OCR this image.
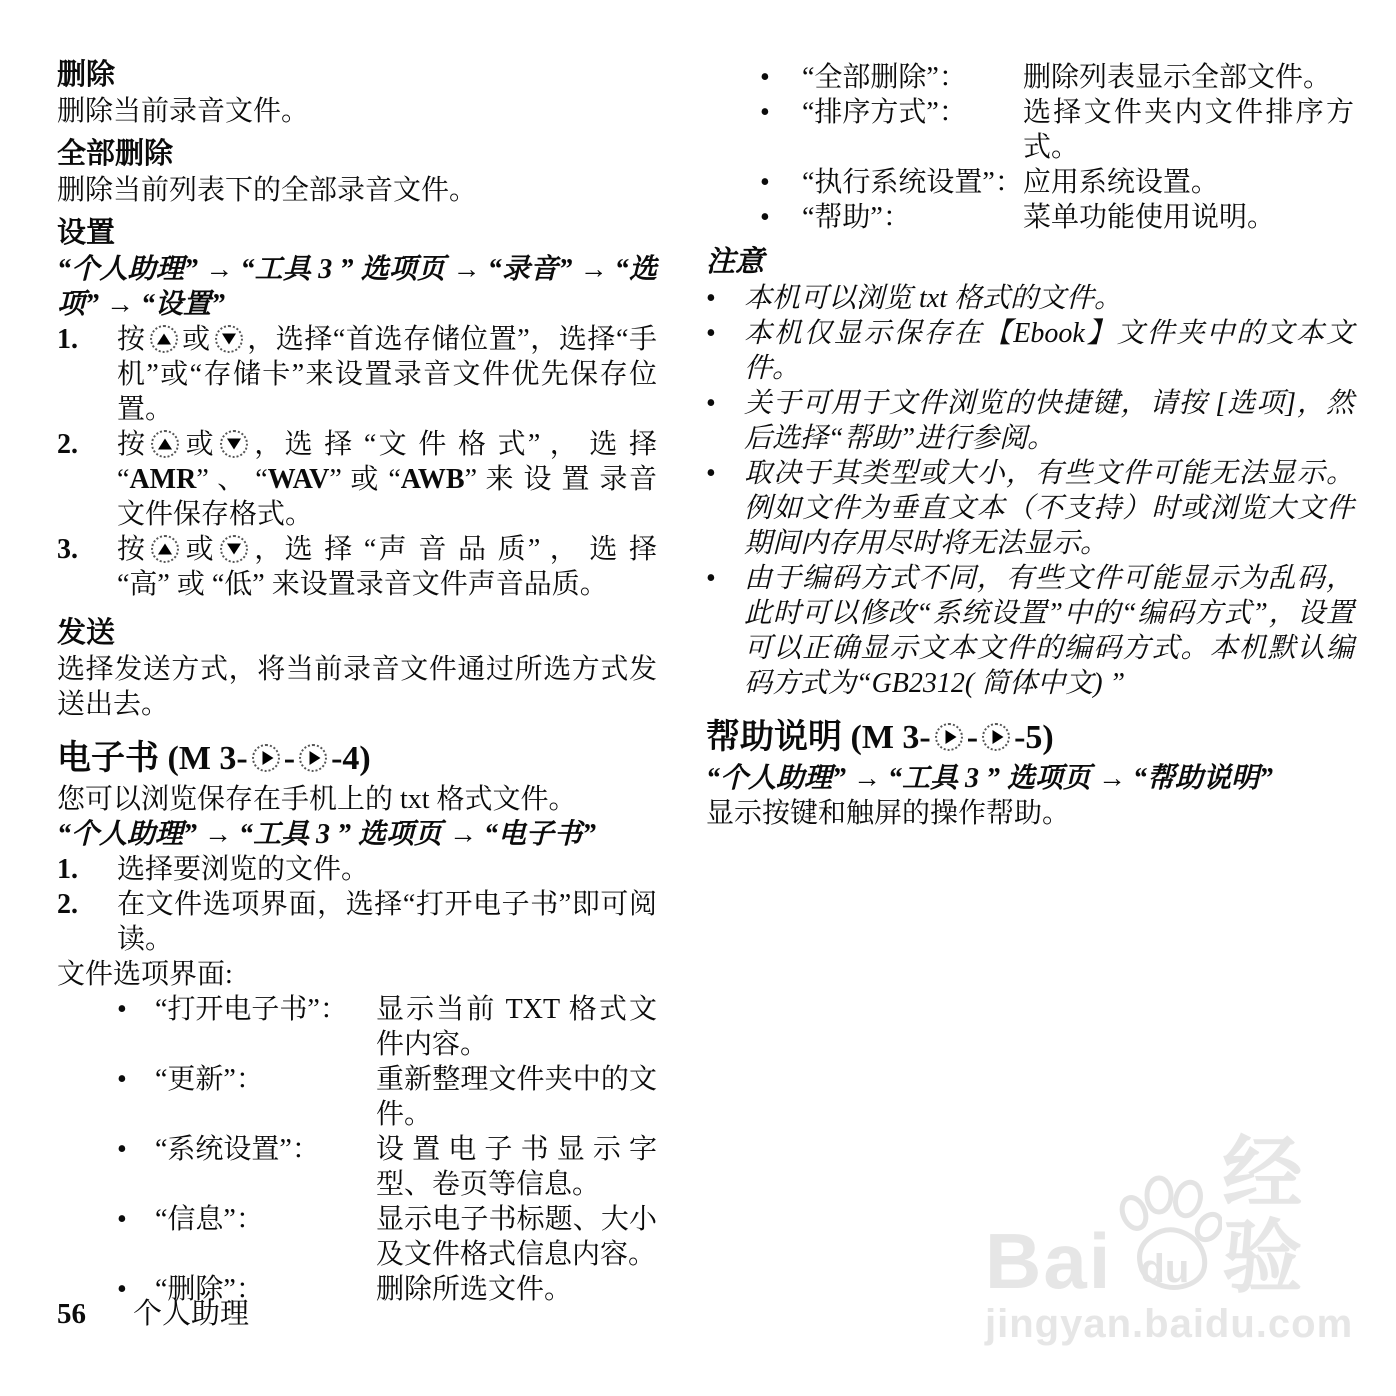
删除
删除当前录音文件。
全部删除
删除当前列表下的全部录音文件。
设置
“个人助理” → “工具 3 ” 选项页 → “录音” → “选项” → “设置”
1.	按 或 ，选择“首选存储位置”，选择“手机”或“存储卡”来设置录音文件优先保存位置。
2.	按 或 ，选 择 “文 件 格 式” ， 选 择 “AMR” 、 “WAV” 或 “AWB” 来 设 置 录音文件保存格式。
3.	按 或 ，选 择 “声 音 品 质” ， 选 择 “高” 或 “低” 来设置录音文件声音品质。
发送
选择发送方式，将当前录音文件通过所选方式发送出去。
电子书 (M 3- - -4)
您可以浏览保存在手机上的 txt 格式文件。
“个人助理” → “工具 3 ” 选项页 → “电子书”
1.	选择要浏览的文件。
2.	在文件选项界面，选择“打开电子书”即可阅读。
文件选项界面:
•	“打开电子书”：	显示当前 TXT 格式文件内容。
•	“更新”：	重新整理文件夹中的文件。
•	“系统设置”：	设 置 电 子 书 显 示 字型、卷页等信息。
•	“信息”：	显示电子书标题、大小及文件格式信息内容。
•	“删除”：	删除所选文件。
•	“全部删除”：	删除列表显示全部文件。
•	“排序方式”：	选择文件夹内文件排序方式。
•	“执行系统设置”： 应用系统设置。
•	“帮助”：	菜单功能使用说明。
注意
•	本机可以浏览 txt 格式的文件。
•	本机仅显示保存在【Ebook】文件夹中的文本文件。
•	关于可用于文件浏览的快捷键，请按 [选项]，然后选择“帮助”进行参阅。
•	取决于其类型或大小，有些文件可能无法显示。例如文件为垂直文本（不支持）时或浏览大文件期间内存用尽时将无法显示。
•	由于编码方式不同，有些文件可能显示为乱码，此时可以修改“系统设置”中的“编码方式”，设置可以正确显示文本文件的编码方式。本机默认编码方式为“GB2312( 简体中文) ”
帮助说明 (M 3- - -5)
“个人助理” → “工具 3 ” 选项页 → “帮助说明”
显示按键和触屏的操作帮助。
56 个人助理
Bai du
经验
jingyan.baidu.com
